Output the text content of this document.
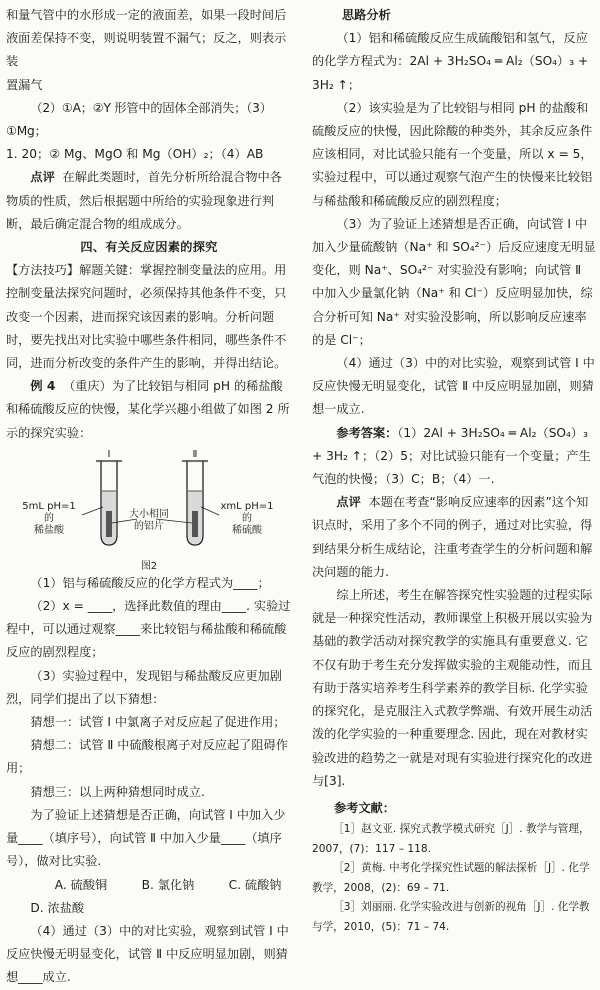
和量气管中的水形成一定的液面差，如果一段时间后

液面差保持不变，则说明装置不漏气；反之，则表示装

置漏气

（2）①A；②Y 形管中的固体全部消失；（3）①Mg；

1. 20；② Mg、MgO 和 Mg（OH）₂；（4）AB

点评 在解此类题时，首先分析所给混合物中各物质的性质，然后根据题中所给的实验现象进行判断，最后确定混合物的组成成分。

四、有关反应因素的探究

【方法技巧】解题关键：掌握控制变量法的应用。用控制变量法探究问题时，必须保持其他条件不变，只改变一个因素，进而探究该因素的影响。分析问题时，要先找出对比实验中哪些条件相同，哪些条件不同，进而分析改变的条件产生的影响，并得出结论。

例 4 （重庆）为了比较铝与相同 pH 的稀盐酸和稀硫酸反应的快慢，某化学兴趣小组做了如图 2 所示的探究实验：

Ⅰ	Ⅱ
5mL pH=1
的
稀盐酸
大小相同
的铝片
xmL pH=1
的
稀硫酸
图2

（1）铝与稀硫酸反应的化学方程式为____；

（2）x = ____，选择此数值的理由____. 实验过程中，可以通过观察____来比较铝与稀盐酸和稀硫酸反应的剧烈程度；

（3）实验过程中，发现铝与稀盐酸反应更加剧烈，同学们提出了以下猜想：

猜想一：试管 Ⅰ 中氯离子对反应起了促进作用；

猜想二：试管 Ⅱ 中硫酸根离子对反应起了阻碍作用；

猜想三：以上两种猜想同时成立.

为了验证上述猜想是否正确，向试管 Ⅰ 中加入少量____（填序号），向试管 Ⅱ 中加入少量____（填序号），做对比实验.

A. 硫酸铜	B. 氯化钠	C. 硫酸钠D. 浓盐酸

（4）通过（3）中的对比实验，观察到试管 Ⅰ 中反应快慢无明显变化，试管 Ⅱ 中反应明显加剧，则猜想____成立.

思路分析

（1）铝和稀硫酸反应生成硫酸铝和氢气，反应的化学方程式为：2Al + 3H₂SO₄ ═ Al₂（SO₄）₃ + 3H₂ ↑；

（2）该实验是为了比较铝与相同 pH 的盐酸和硫酸反应的快慢，因此除酸的种类外，其余反应条件应该相同，对比试验只能有一个变量，所以 x = 5，实验过程中，可以通过观察气泡产生的快慢来比较铝与稀盐酸和稀硫酸反应的剧烈程度；

（3）为了验证上述猜想是否正确，向试管 Ⅰ 中加入少量硫酸钠（Na⁺ 和 SO₄²⁻）后反应速度无明显变化，则 Na⁺、SO₄²⁻ 对实验没有影响；向试管 Ⅱ 中加入少量氯化钠（Na⁺ 和 Cl⁻）反应明显加快，综合分析可知 Na⁺ 对实验没影响，所以影响反应速率的是 Cl⁻；

（4）通过（3）中的对比实验，观察到试管 Ⅰ 中反应快慢无明显变化，试管 Ⅱ 中反应明显加剧，则猜想一成立.

参考答案：（1）2Al + 3H₂SO₄ ═ Al₂（SO₄）₃ + 3H₂ ↑；（2）5；对比试验只能有一个变量；产生气泡的快慢；（3）C；B；（4）一.

点评 本题在考查“影响反应速率的因素”这个知识点时，采用了多个不同的例子，通过对比实验，得到结果分析生成结论，注重考查学生的分析问题和解决问题的能力.

综上所述，考生在解答探究性实验题的过程实际就是一种探究性活动，教师课堂上积极开展以实验为基础的教学活动对探究教学的实施具有重要意义. 它不仅有助于考生充分发挥做实验的主观能动性，而且有助于落实培养考生科学素养的教学目标. 化学实验的探究化，是克服注入式教学弊端、有效开展生动活泼的化学实验的一种重要理念. 因此，现在对教材实验改进的趋势之一就是对现有实验进行探究化的改进与[3].

参考文献：

［1］赵文亚. 探究式教学模式研究［J］. 教学与管理，2007，(7)：117 – 118.

［2］黄梅. 中考化学探究性试题的解法探析［J］. 化学教学，2008，(2)：69 – 71.

［3］刘丽丽. 化学实验改进与创新的视角［J］. 化学教与学，2010，(5)：71 – 74.
